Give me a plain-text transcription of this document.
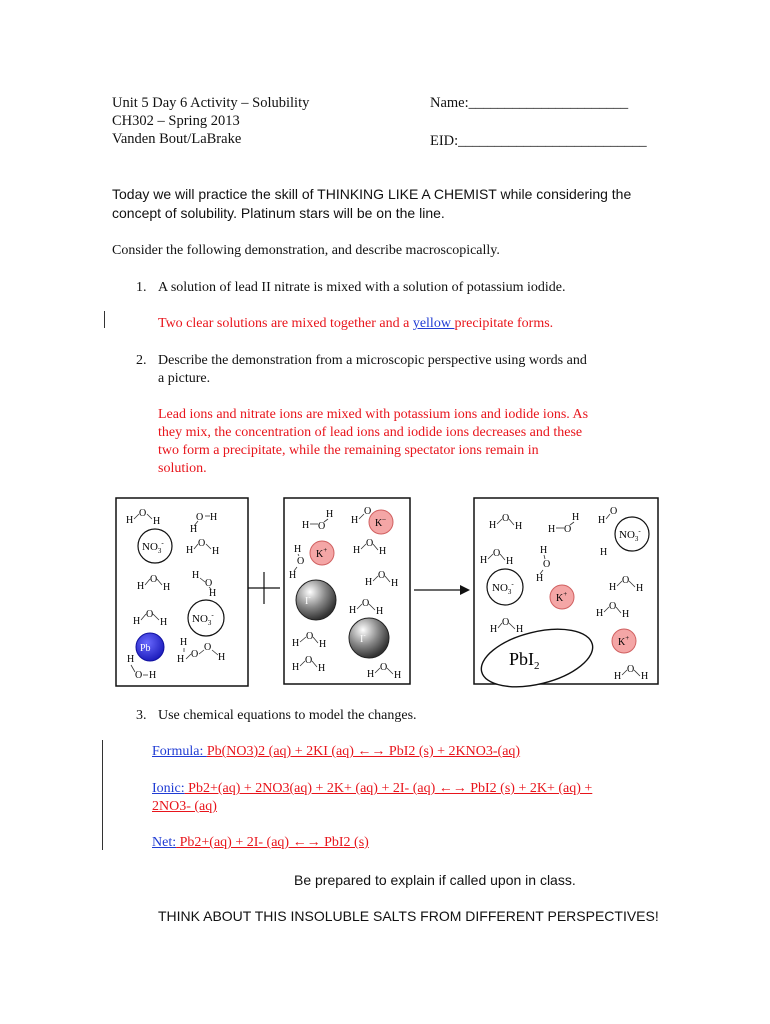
Unit 5 Day 6 Activity – Solubility
CH302 – Spring 2013
Vanden Bout/LaBrake
Name:______________________
EID:__________________________
Today we will practice the skill of THINKING LIKE A CHEMIST while considering the
concept of solubility. Platinum stars will be on the line.
Consider the following demonstration, and describe macroscopically.
1. A solution of lead II nitrate is mixed with a solution of potassium iodide.
Two clear solutions are mixed together and a yellow precipitate forms.
2. Describe the demonstration from a microscopic perspective using words and
a picture.
Lead ions and nitrate ions are mixed with potassium ions and iodide ions. As
they mix, the concentration of lead ions and iodide ions decreases and these
two form a precipitate, while the remaining spectator ions remain in
solution.
H
O
H	O H
H
H
O
H
H
O
H
H
O
H
H
O
H
H
H O
O
H
H
O H
$NO_3^-$
$NO_3^-$
Pb
H
H O
H
O
H
O
H
H
O
H
H
O
H
H
O
H
H
O
H
H
O
H
H
O
H
K–
K+
I-
I-
H
O
H
H
H O
H
O
H
O
H
H
O
H
H
H
O
H
H
O
H
H
O
H
H
O
H
$NO_3^-$
$NO_3^-$
K+
K+
PbI$_2$
3. Use chemical equations to model the changes.
Formula: Pb(NO3)2 (aq) + 2KI (aq) ←→ PbI2 (s) + 2KNO3-(aq)
Ionic: Pb2+(aq) + 2NO3(aq) + 2K+ (aq) + 2I- (aq) ←→ PbI2 (s) + 2K+ (aq) +
2NO3- (aq)
Net: Pb2+(aq) + 2I- (aq) ←→ PbI2 (s)
Be prepared to explain if called upon in class.
THINK ABOUT THIS INSOLUBLE SALTS FROM DIFFERENT PERSPECTIVES!
